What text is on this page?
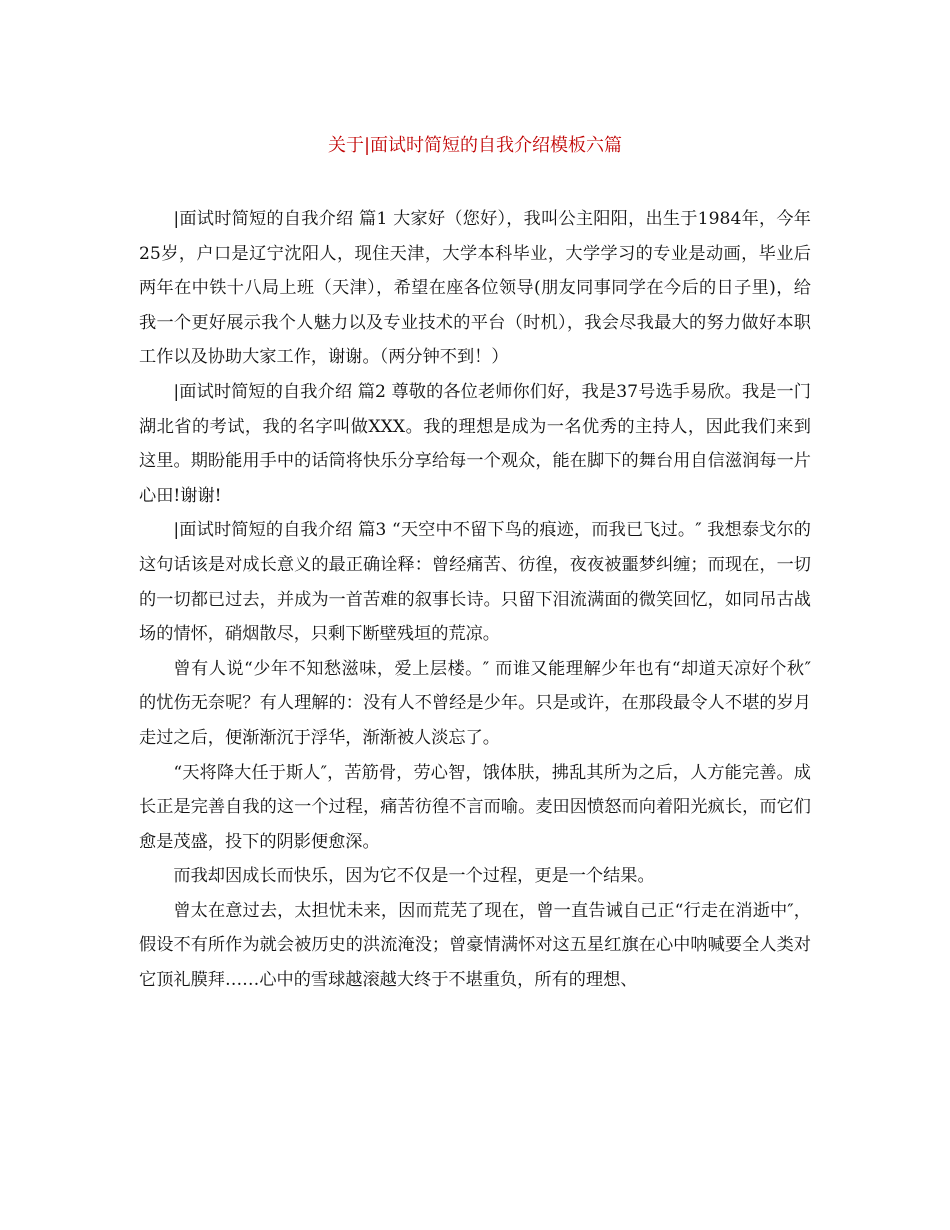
关于|面试时简短的自我介绍模板六篇

|面试时简短的自我介绍 篇1 大家好（您好），我叫公主阳阳，出生于1984年，今年25岁，户口是辽宁沈阳人，现住天津，大学本科毕业，大学学习的专业是动画，毕业后两年在中铁十八局上班（天津），希望在座各位领导(朋友同事同学在今后的日子里)，给我一个更好展示我个人魅力以及专业技术的平台（时机），我会尽我最大的努力做好本职工作以及协助大家工作，谢谢。（两分钟不到！）

|面试时简短的自我介绍 篇2 尊敬的各位老师你们好，我是37号选手易欣。我是一门湖北省的考试，我的名字叫做XXX。我的理想是成为一名优秀的主持人，因此我们来到这里。期盼能用手中的话筒将快乐分享给每一个观众，能在脚下的舞台用自信滋润每一片心田!谢谢!

|面试时简短的自我介绍 篇3 “天空中不留下鸟的痕迹，而我已飞过。″ 我想泰戈尔的这句话该是对成长意义的最正确诠释：曾经痛苦、彷徨，夜夜被噩梦纠缠；而现在，一切的一切都已过去，并成为一首苦难的叙事长诗。只留下泪流满面的微笑回忆，如同吊古战场的情怀，硝烟散尽，只剩下断壁残垣的荒凉。

曾有人说“少年不知愁滋味，爱上层楼。″ 而谁又能理解少年也有“却道天凉好个秋″ 的忧伤无奈呢？有人理解的：没有人不曾经是少年。只是或许，在那段最令人不堪的岁月走过之后，便渐渐沉于浮华，渐渐被人淡忘了。

“天将降大任于斯人″，苦筋骨，劳心智，饿体肤，拂乱其所为之后，人方能完善。成长正是完善自我的这一个过程，痛苦彷徨不言而喻。麦田因愤怒而向着阳光疯长，而它们愈是茂盛，投下的阴影便愈深。

而我却因成长而快乐，因为它不仅是一个过程，更是一个结果。

曾太在意过去，太担忧未来，因而荒芜了现在，曾一直告诫自己正“行走在消逝中″，假设不有所作为就会被历史的洪流淹没；曾豪情满怀对这五星红旗在心中呐喊要全人类对它顶礼膜拜……心中的雪球越滚越大终于不堪重负，所有的理想、
